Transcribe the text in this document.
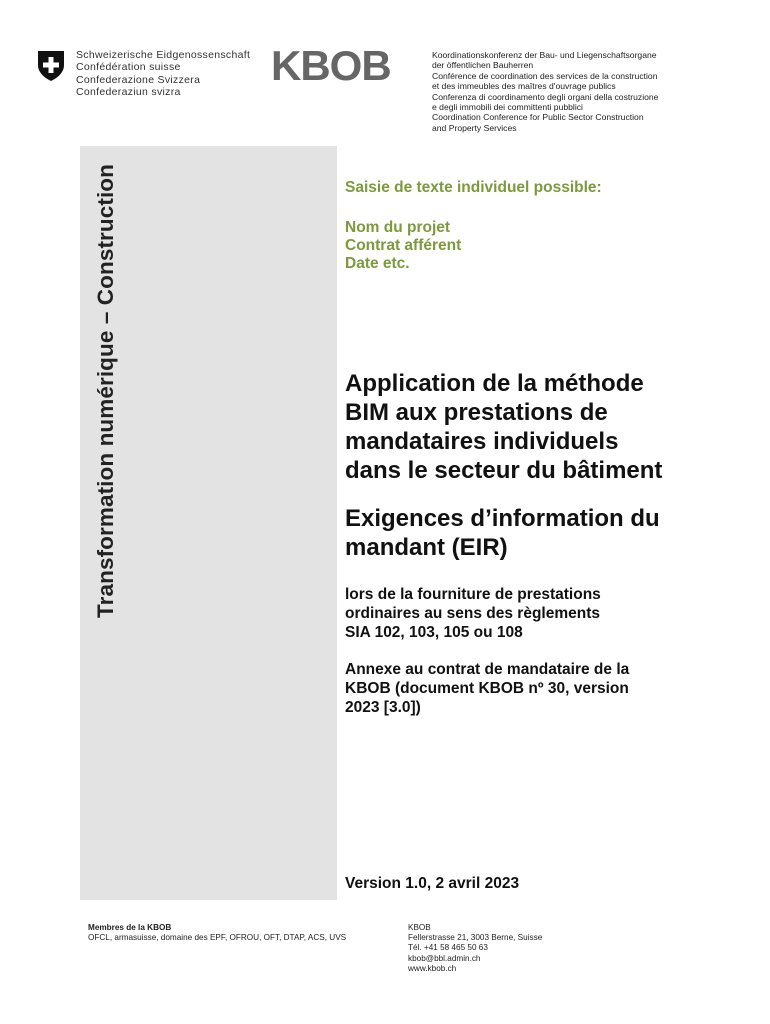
Schweizerische Eidgenossenschaft
Confédération suisse
Confederazione Svizzera
Confederaziun svizra
KBOB	Koordinationskonferenz der Bau- und Liegenschaftsorgane
der öffentlichen Bauherren
Conférence de coordination des services de la construction
et des immeubles des maîtres d'ouvrage publics
Conferenza di coordinamento degli organi della costruzione
e degli immobili dei committenti pubblici
Coordination Conference for Public Sector Construction
and Property Services
Transformation numérique – Construction	Saisie de texte individuel possible:
Nom du projet
Contrat afférent
Date etc.
Application de la méthode
BIM aux prestations de
mandataires individuels
dans le secteur du bâtiment
Exigences d’information du
mandant (EIR)
lors de la fourniture de prestations
ordinaires au sens des règlements
SIA 102, 103, 105 ou 108
Annexe au contrat de mandataire de la
KBOB (document KBOB nº 30, version
2023 [3.0])
Version 1.0, 2 avril 2023
Membres de la KBOB
OFCL, armasuisse, domaine des EPF, OFROU, OFT, DTAP, ACS, UVS
KBOB
Fellerstrasse 21, 3003 Berne, Suisse
Tél. +41 58 465 50 63
kbob@bbl.admin.ch
www.kbob.ch
